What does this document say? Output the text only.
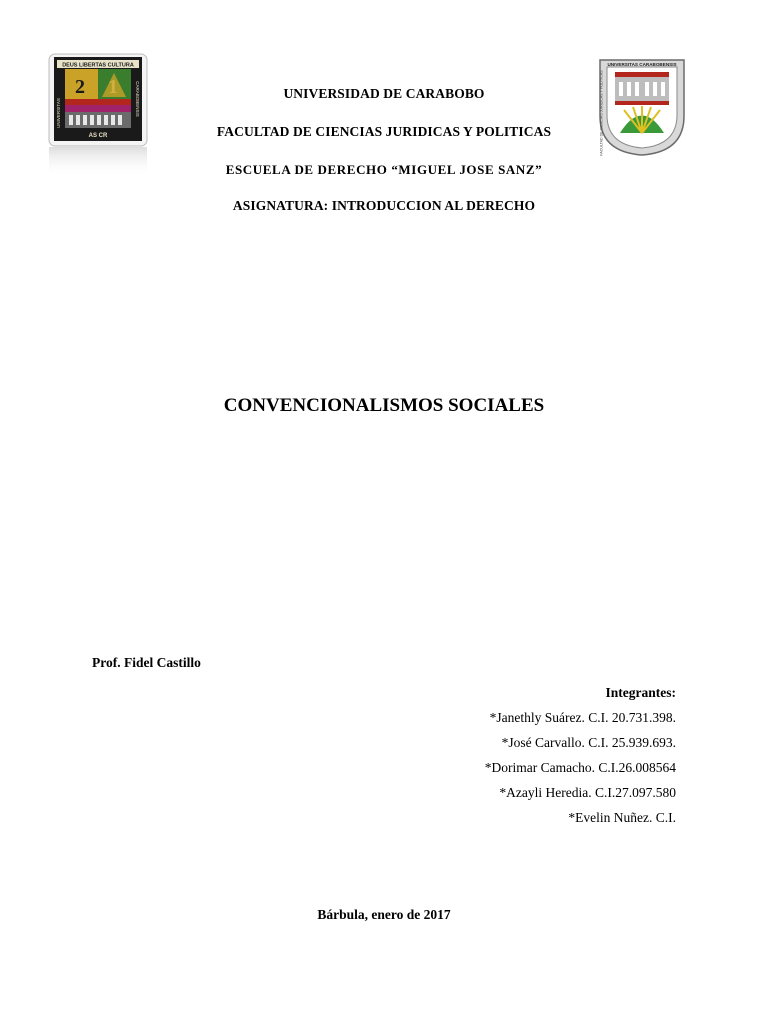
DEUS LIBERTAS CULTURA
2
UNIVERSITAS	CARABOBENSIS
AS CR
UNIVERSITAS CARABOBENSIS
FACULTAD DE CIENCIAS JURIDICAS Y POLITICAS
UNIVERSIDAD DE CARABOBO
FACULTAD DE CIENCIAS JURIDICAS Y POLITICAS
ESCUELA DE DERECHO “MIGUEL JOSE SANZ”
ASIGNATURA: INTRODUCCION AL DERECHO
CONVENCIONALISMOS SOCIALES
Prof. Fidel Castillo
Integrantes:
*Janethly Suárez. C.I. 20.731.398.
*José Carvallo. C.I. 25.939.693.
*Dorimar Camacho. C.I.26.008564
*Azayli Heredia. C.I.27.097.580
*Evelin Nuñez. C.I.
Bárbula, enero de 2017
